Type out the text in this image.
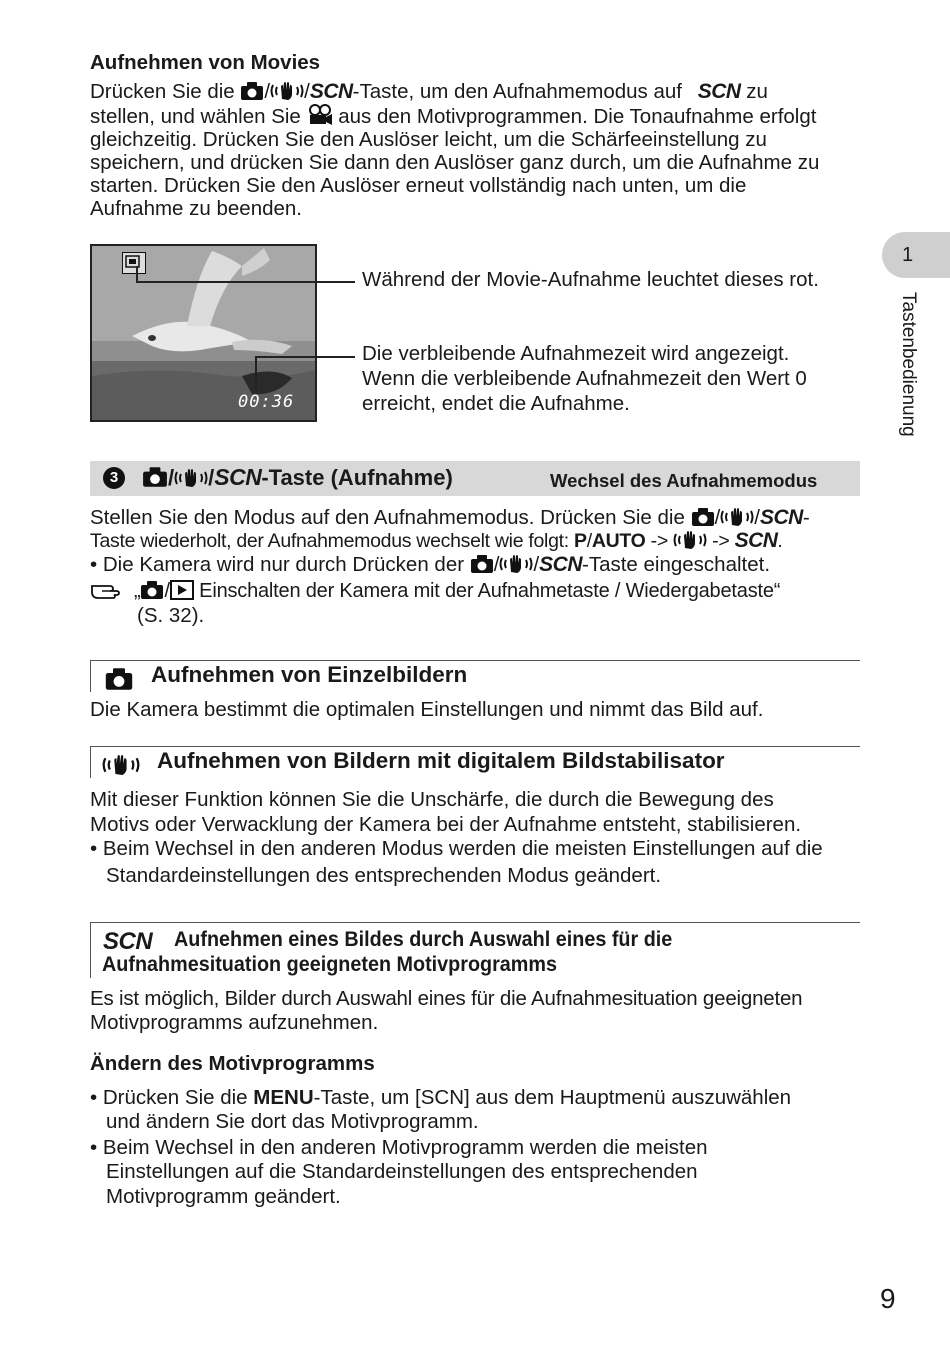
1
Tastenbedienung
Aufnehmen von Movies
Drücken Sie die / /SCN-Taste, um den Aufnahmemodus auf SCN zu
stellen, und wählen Sie  aus den Motivprogrammen. Die Tonaufnahme erfolgt
gleichzeitig. Drücken Sie den Auslöser leicht, um die Schärfeeinstellung zu
speichern, und drücken Sie dann den Auslöser ganz durch, um die Aufnahme zu
starten. Drücken Sie den Auslöser erneut vollständig nach unten, um die
Aufnahme zu beenden.
00:36
Während der Movie-Aufnahme leuchtet dieses rot.
Die verbleibende Aufnahmezeit wird angezeigt.
Wenn die verbleibende Aufnahmezeit den Wert 0
erreicht, endet die Aufnahme.
3	/ /SCN-Taste (Aufnahme)	Wechsel des Aufnahmemodus
Stellen Sie den Modus auf den Aufnahmemodus. Drücken Sie die / /SCN-
Taste wiederholt, der Aufnahmemodus wechselt wie folgt: P/AUTO ->  -> SCN.
• Die Kamera wird nur durch Drücken der / /SCN-Taste eingeschaltet.
„ / Einschalten der Kamera mit der Aufnahmetaste / Wiedergabetaste“
(S. 32).
Aufnehmen von Einzelbildern
Die Kamera bestimmt die optimalen Einstellungen und nimmt das Bild auf.
Aufnehmen von Bildern mit digitalem Bildstabilisator
Mit dieser Funktion können Sie die Unschärfe, die durch die Bewegung des
Motivs oder Verwacklung der Kamera bei der Aufnahme entsteht, stabilisieren.
• Beim Wechsel in den anderen Modus werden die meisten Einstellungen auf die
Standardeinstellungen des entsprechenden Modus geändert.
SCN Aufnehmen eines Bildes durch Auswahl eines für die
Aufnahmesituation geeigneten Motivprogramms
Es ist möglich, Bilder durch Auswahl eines für die Aufnahmesituation geeigneten
Motivprogramms aufzunehmen.
Ändern des Motivprogramms
• Drücken Sie die MENU-Taste, um [SCN] aus dem Hauptmenü auszuwählen
und ändern Sie dort das Motivprogramm.
• Beim Wechsel in den anderen Motivprogramm werden die meisten
Einstellungen auf die Standardeinstellungen des entsprechenden
Motivprogramm geändert.
9
